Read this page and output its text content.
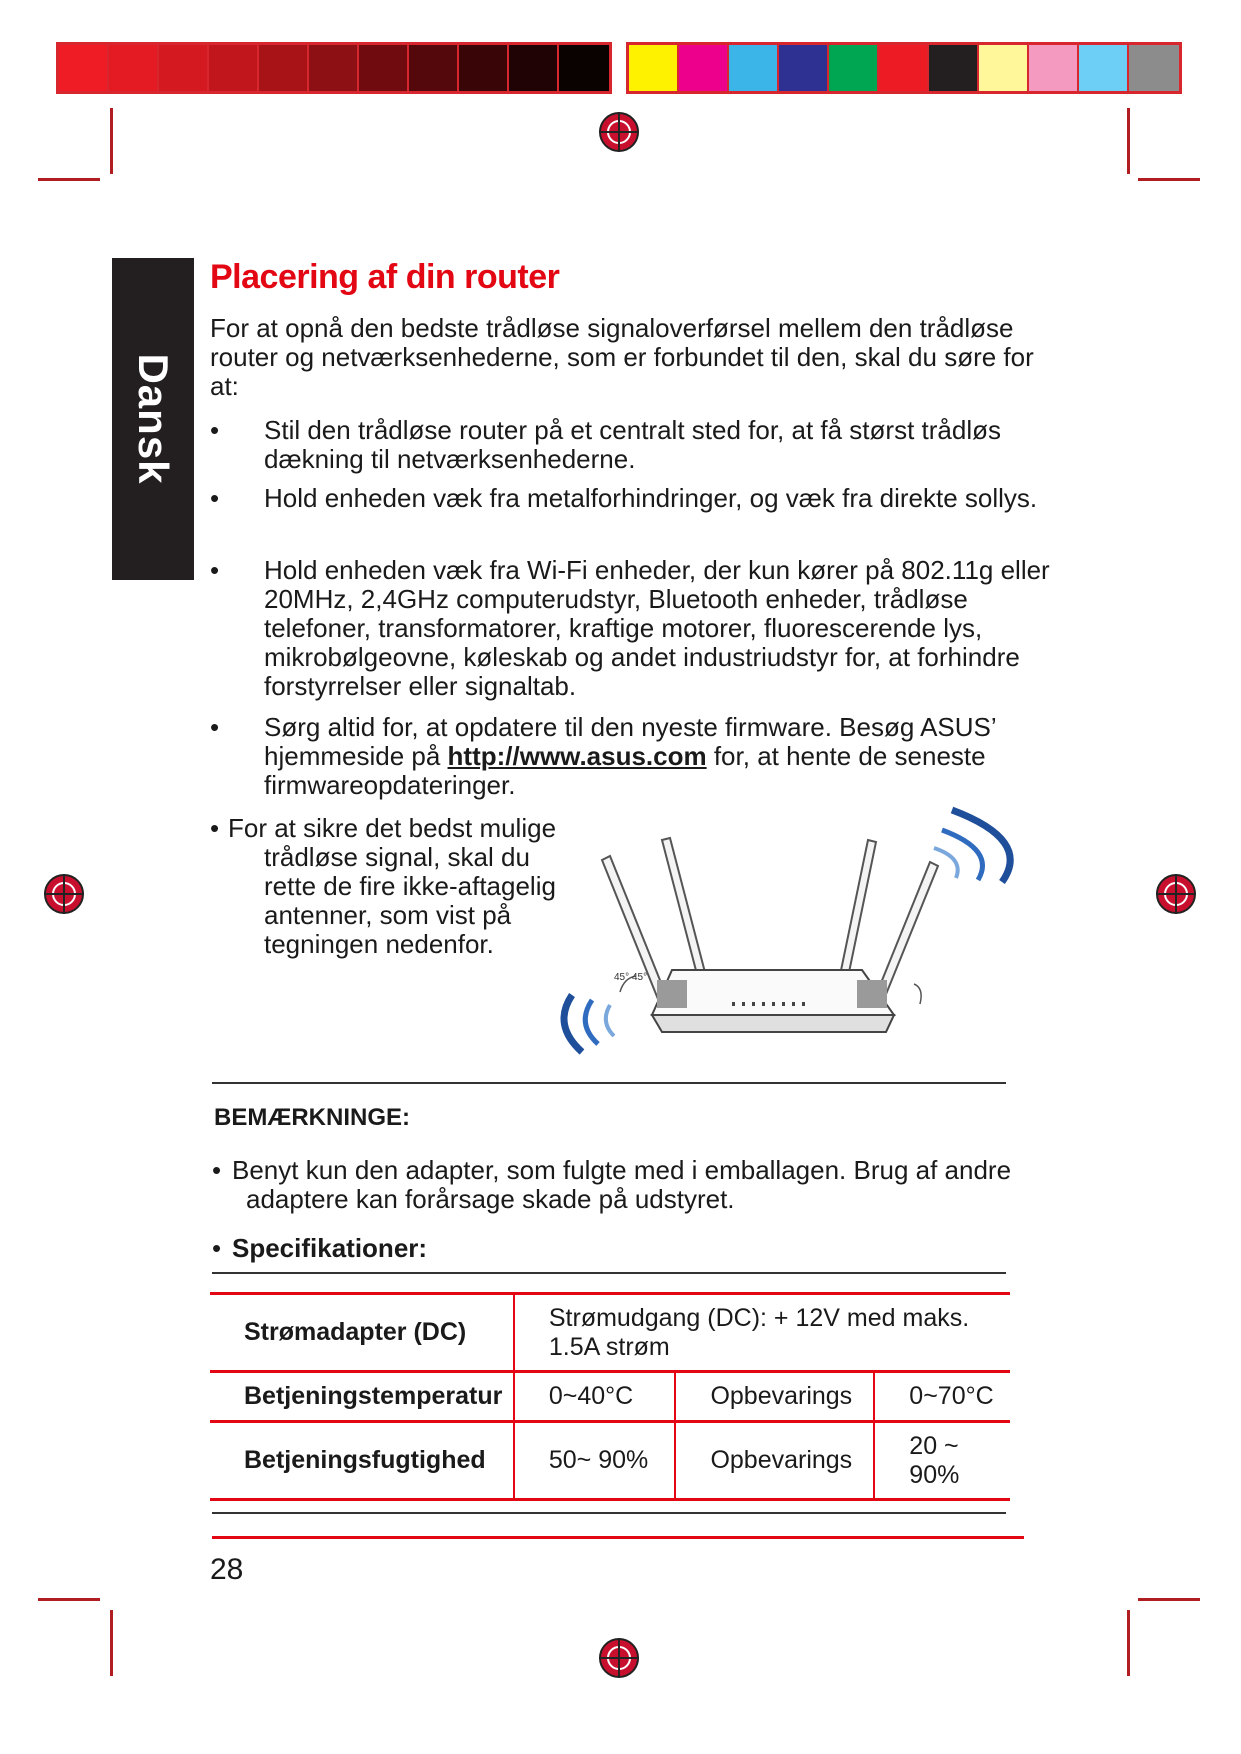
Dansk
Placering af din router
For at opnå den bedste trådløse signaloverførsel mellem den trådløse router og netværksenhederne, som er forbundet til den, skal du søre for at:
• Stil den trådløse router på et centralt sted for, at få størst trådløs dækning til netværksenhederne.
• Hold enheden væk fra metalforhindringer, og væk fra direkte sollys.
• Hold enheden væk fra Wi-Fi enheder, der kun kører på 802.11g eller 20MHz, 2,4GHz computerudstyr, Bluetooth enheder, trådløse telefoner, transformatorer, kraftige motorer, fluorescerende lys, mikrobølgeovne, køleskab og andet industriudstyr for, at forhindre forstyrrelser eller signaltab.
• Sørg altid for, at opdatere til den nyeste firmware. Besøg ASUS’ hjemmeside på http://www.asus.com for, at hente de seneste firmwareopdateringer.
• For at sikre det bedst mulige trådløse signal, skal du rette de fire ikke-aftagelig antenner, som vist på tegningen nedenfor.
45° 45°
BEMÆRKNINGE:
• Benyt kun den adapter, som fulgte med i emballagen. Brug af andre adaptere kan forårsage skade på udstyret.
• Specifikationer:
Strømadapter (DC)	Strømudgang (DC): + 12V med maks. 1.5A strøm		
Betjeningstemperatur	0~40°C	Opbevarings	0~70°C
Betjeningsfugtighed	50~ 90%	Opbevarings	20 ~ 90%
28
